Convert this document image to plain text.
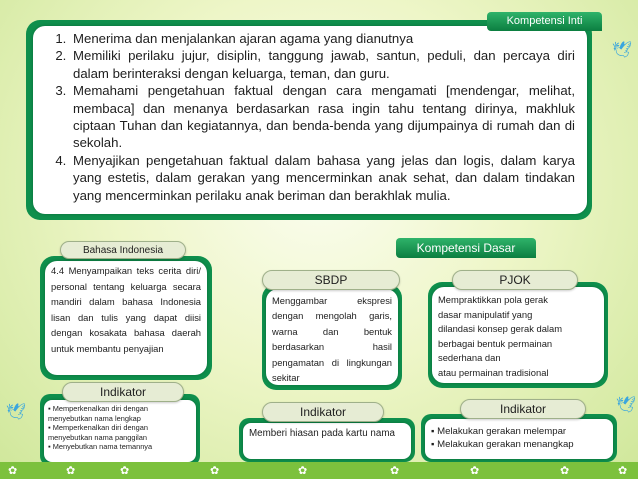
1. Menerima dan menjalankan ajaran agama yang dianutnya
2. Memiliki perilaku jujur, disiplin, tanggung jawab, santun, peduli, dan percaya diri dalam berinteraksi dengan keluarga, teman, dan guru.
3. Memahami pengetahuan faktual dengan cara mengamati [mendengar, melihat, membaca] dan menanya berdasarkan rasa ingin tahu tentang dirinya, makhluk ciptaan Tuhan dan kegiatannya, dan benda-benda yang dijumpainya di rumah dan di sekolah.
4. Menyajikan pengetahuan faktual dalam bahasa yang jelas dan logis, dalam karya yang estetis, dalam gerakan yang mencerminkan anak sehat, dan dalam tindakan yang mencerminkan perilaku anak beriman dan berakhlak mulia.
Kompetensi Inti
Kompetensi Dasar
4.4 Menyampaikan teks cerita diri/ personal tentang keluarga secara mandiri dalam bahasa Indonesia lisan dan tulis yang dapat diisi dengan kosakata bahasa daerah untuk membantu penyajian
Bahasa Indonesia
▪ Memperkenalkan diri dengan menyebutkan nama lengkap
▪ Memperkenalkan diri dengan menyebutkan nama panggilan
▪ Menyebutkan nama temannya
Indikator
Menggambar ekspresi dengan mengolah garis, warna dan bentuk berdasarkan hasil pengamatan di lingkungan sekitar
SBDP
Memberi hiasan pada kartu nama
Indikator
Mempraktikkan pola gerak
dasar manipulatif yang
dilandasi konsep gerak dalam
berbagai bentuk permainan
sederhana dan
atau permainan tradisional
PJOK
▪ Melakukan gerakan melempar
▪ Melakukan gerakan menangkap
Indikator
✿	✿	✿	✿	✿	✿	✿	✿	✿
🕊
🕊	🕊
